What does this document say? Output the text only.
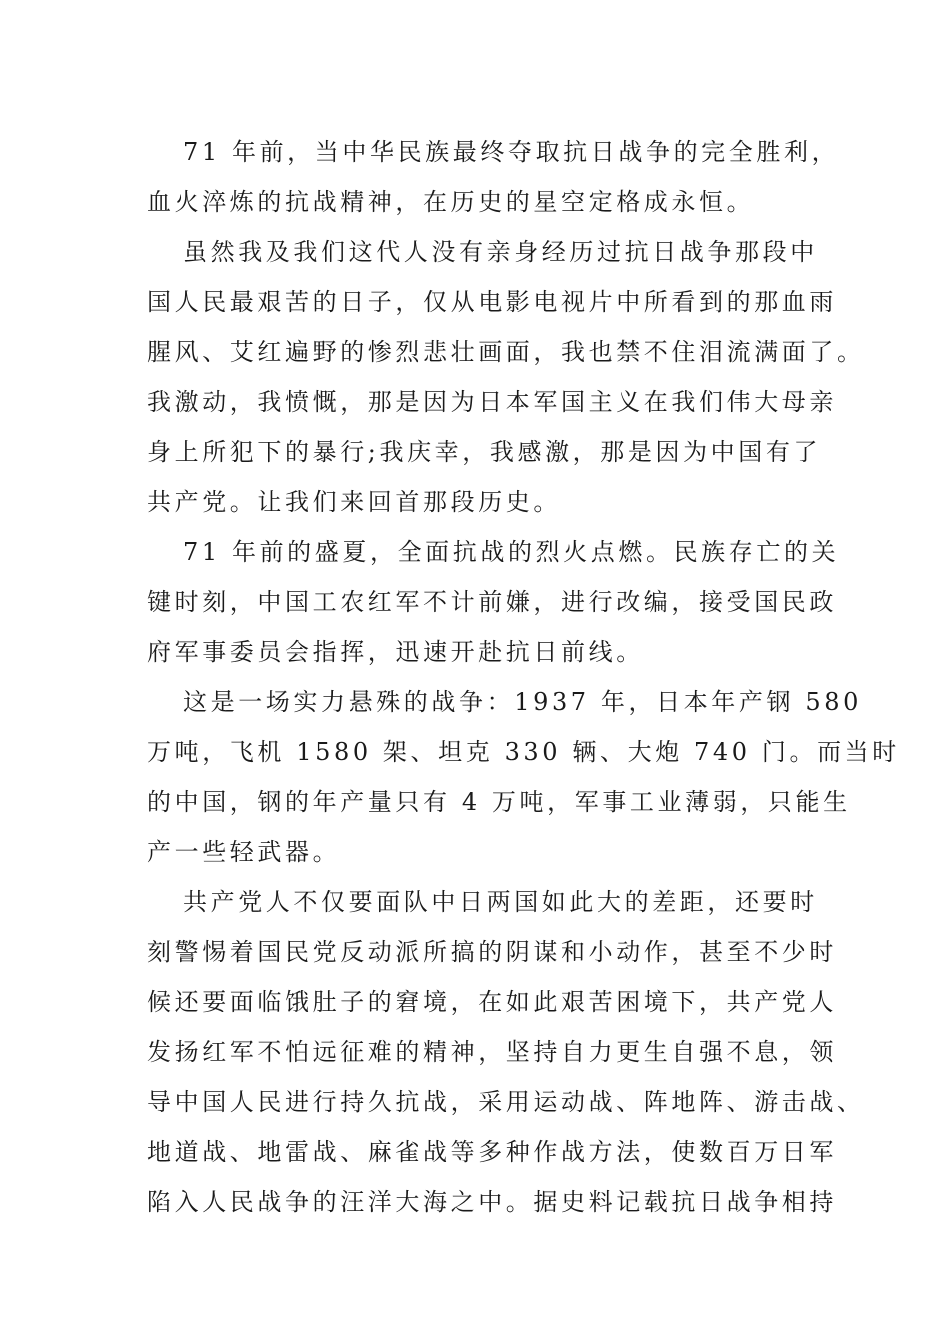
71 年前，当中华民族最终夺取抗日战争的完全胜利，
血火淬炼的抗战精神，在历史的星空定格成永恒。
虽然我及我们这代人没有亲身经历过抗日战争那段中
国人民最艰苦的日子，仅从电影电视片中所看到的那血雨
腥风、艾红遍野的惨烈悲壮画面，我也禁不住泪流满面了。
我激动，我愤慨，那是因为日本军国主义在我们伟大母亲
身上所犯下的暴行;我庆幸，我感激，那是因为中国有了
共产党。让我们来回首那段历史。
71 年前的盛夏，全面抗战的烈火点燃。民族存亡的关
键时刻，中国工农红军不计前嫌，进行改编，接受国民政
府军事委员会指挥，迅速开赴抗日前线。
这是一场实力悬殊的战争：1937 年，日本年产钢 580
万吨，飞机 1580 架、坦克 330 辆、大炮 740 门。而当时
的中国，钢的年产量只有 4 万吨，军事工业薄弱，只能生
产一些轻武器。
共产党人不仅要面队中日两国如此大的差距，还要时
刻警惕着国民党反动派所搞的阴谋和小动作，甚至不少时
候还要面临饿肚子的窘境，在如此艰苦困境下，共产党人
发扬红军不怕远征难的精神，坚持自力更生自强不息，领
导中国人民进行持久抗战，采用运动战、阵地阵、游击战、
地道战、地雷战、麻雀战等多种作战方法，使数百万日军
陷入人民战争的汪洋大海之中。据史料记载抗日战争相持
